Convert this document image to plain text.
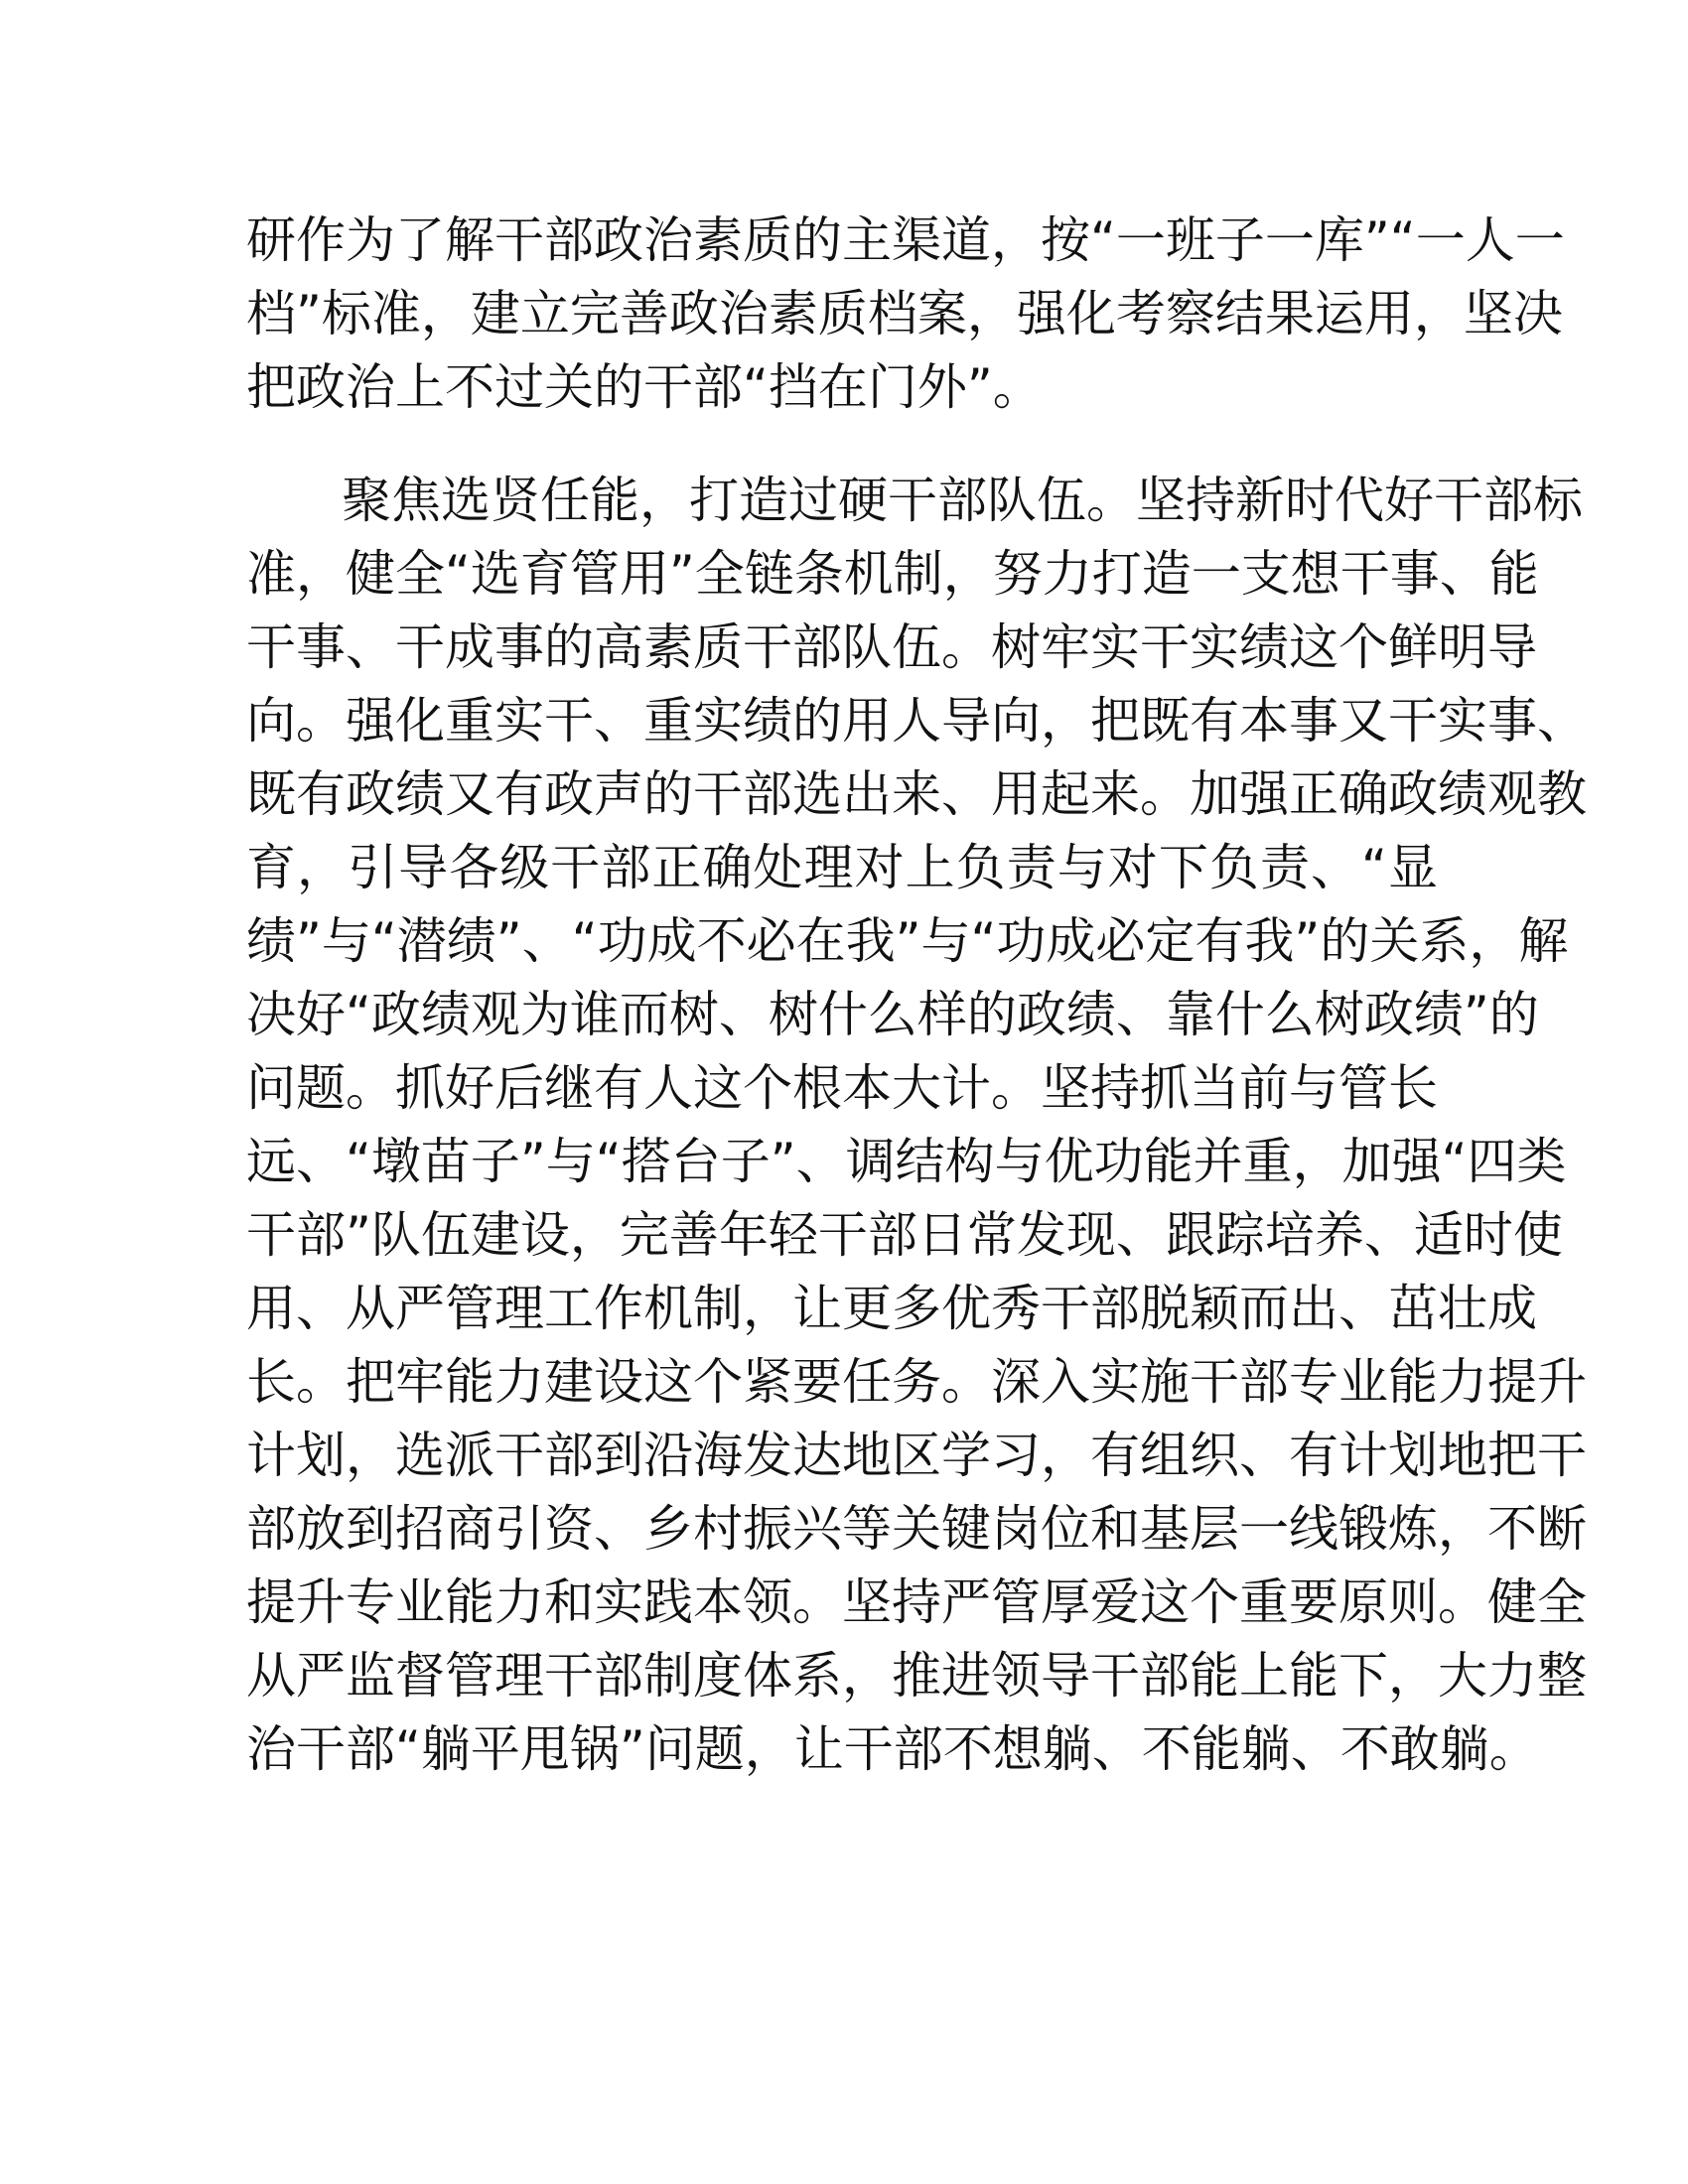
研作为了解干部政治素质的主渠道，按“一班子一库”“一人一
档”标准，建立完善政治素质档案，强化考察结果运用，坚决
把政治上不过关的干部“挡在门外”。
聚焦选贤任能，打造过硬干部队伍。坚持新时代好干部标
准，健全“选育管用”全链条机制，努力打造一支想干事、能
干事、干成事的高素质干部队伍。树牢实干实绩这个鲜明导
向。强化重实干、重实绩的用人导向，把既有本事又干实事、
既有政绩又有政声的干部选出来、用起来。加强正确政绩观教
育，引导各级干部正确处理对上负责与对下负责、“显
绩”与“潜绩”、“功成不必在我”与“功成必定有我”的关系，解
决好“政绩观为谁而树、树什么样的政绩、靠什么树政绩”的
问题。抓好后继有人这个根本大计。坚持抓当前与管长
远、“墩苗子”与“搭台子”、调结构与优功能并重，加强“四类
干部”队伍建设，完善年轻干部日常发现、跟踪培养、适时使
用、从严管理工作机制，让更多优秀干部脱颖而出、茁壮成
长。把牢能力建设这个紧要任务。深入实施干部专业能力提升
计划，选派干部到沿海发达地区学习，有组织、有计划地把干
部放到招商引资、乡村振兴等关键岗位和基层一线锻炼，不断
提升专业能力和实践本领。坚持严管厚爱这个重要原则。健全
从严监督管理干部制度体系，推进领导干部能上能下，大力整
治干部“躺平甩锅”问题，让干部不想躺、不能躺、不敢躺。
